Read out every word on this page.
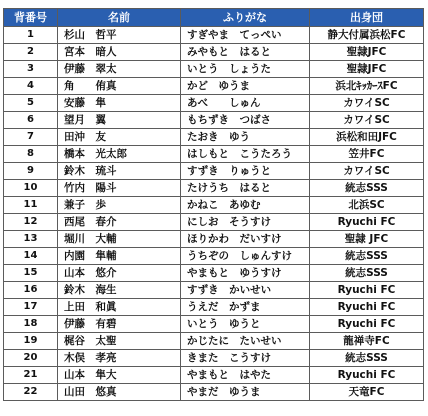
背番号	名前	ふりがな	出身団
1	杉山　哲平	すぎやま　てっぺい	静大付属浜松FC
2	宮本　暗人	みやもと　はると	聖隷JFC
3	伊藤　翠太	いとう　しょうた	聖隷JFC
4	角　　侑真	かど　ゆうま	浜北ｷｯｶｰｽFC
5	安藤　隼	あべ　　しゅん	カワイSC
6	望月　翼	もちずき　つばさ	カワイSC
7	田沖　友	たおき　ゆう	浜松和田JFC
8	橋本　光太郎	はしもと　こうたろう	笠井FC
9	鈴木　琉斗	すずき　りゅうと	カワイSC
10	竹内　陽斗	たけうち　はると	統志SSS
11	兼子　歩	かねこ　あゆむ	北浜SC
12	西尾　春介	にしお　そうすけ	Ryuchi FC
13	堀川　大輔	ほりかわ　だいすけ	聖隷 JFC
14	内園　隼輔	うちぞの　しゅんすけ	統志SSS
15	山本　悠介	やまもと　ゆうすけ	統志SSS
16	鈴木　海生	すずき　かいせい	Ryuchi FC
17	上田　和眞	うえだ　かずま	Ryuchi FC
18	伊藤　有碧	いとう　ゆうと	Ryuchi FC
19	梶谷　太聖	かじたに　たいせい	龍禅寺FC
20	木俣　孝亮	きまた　こうすけ	統志SSS
21	山本　隼大	やまもと　はやた	Ryuchi FC
22	山田　悠真	やまだ　ゆうま	天竜FC
